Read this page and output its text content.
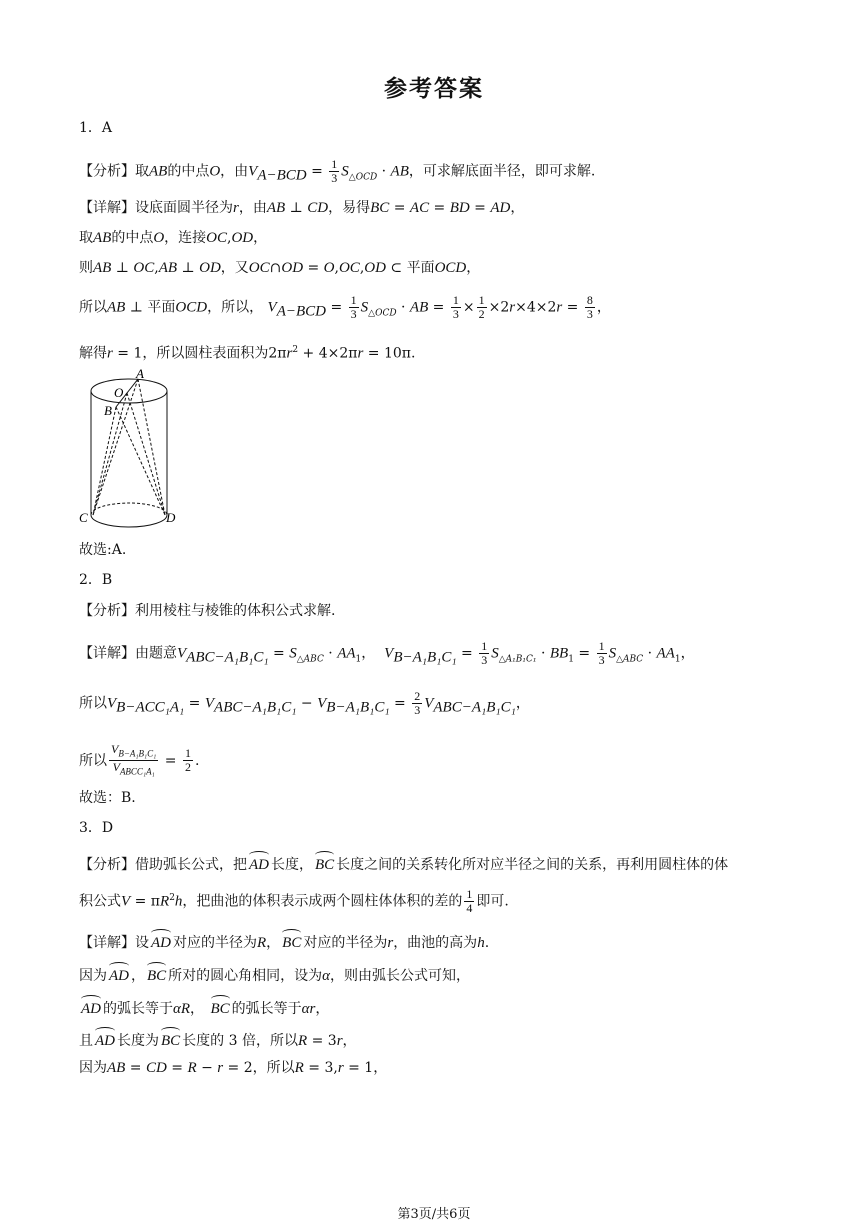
参考答案
1．A
【分析】取AB的中点O，由$V_{A-BCD} = \frac{1}{3} S_{\triangle OCD}$ · AB，可求解底面半径，即可求解.
【详解】设底面圆半径为r，由AB ⊥ CD，易得BC = AC = BD = AD，
取AB的中点O，连接OC,OD，
则AB ⊥ OC,AB ⊥ OD，又OC∩OD = O,OC,OD ⊂ 平面OCD，
所以AB ⊥ 平面OCD，所以， $V_{A-BCD} = \frac{1}{3} S_{\triangle OCD}$ · AB = $\frac{1}{3} \times \frac{1}{2} \times 2r\times 4\times 2r = \frac{8}{3}$ ，
解得r = 1，所以圆柱表面积为$2\pi r^2 + 4\times 2\pi r = 10\pi$.
A
O
B
C	D
故选:A.
2．B
【分析】利用棱柱与棱锥的体积公式求解.
【详解】由题意$V_{ABC-A_1B_1C_1} = S_{\triangle ABC} \cdot AA_1$，  $V_{B-A_1B_1C_1} = \frac{1}{3} S_{\triangle A_1B_1C_1} \cdot BB_1 = \frac{1}{3} S_{\triangle ABC} \cdot AA_1$，
所以$V_{B-ACC_1A_1} = V_{ABC-A_1B_1C_1} - V_{B-A_1B_1C_1} = \frac{2}{3} V_{ABC-A_1B_1C_1}$，
所以
$V_{B-A_1B_1C_1}$
$V_{ABCC_1A_1}$
= $\frac{1}{2}$ .
故选：B.
3．D
【分析】借助弧长公式，把 AD 长度， BC 长度之间的关系转化所对应半径之间的关系，再利用圆柱体的体
积公式$V = \pi R^2h$，把曲池的体积表示成两个圆柱体体积的差的 $\frac{1}{4}$ 即可.
【详解】设 AD 对应的半径为R， BC 对应的半径为r，曲池的高为h.
因为 AD ， BC 所对的圆心角相同，设为α，则由弧长公式可知，
AD 的弧长等于αR， BC 的弧长等于αr，
且 AD 长度为 BC 长度的 3 倍，所以R = 3r，
因为AB = CD = R − r = 2，所以R = 3,r = 1，
第3页/共6页
